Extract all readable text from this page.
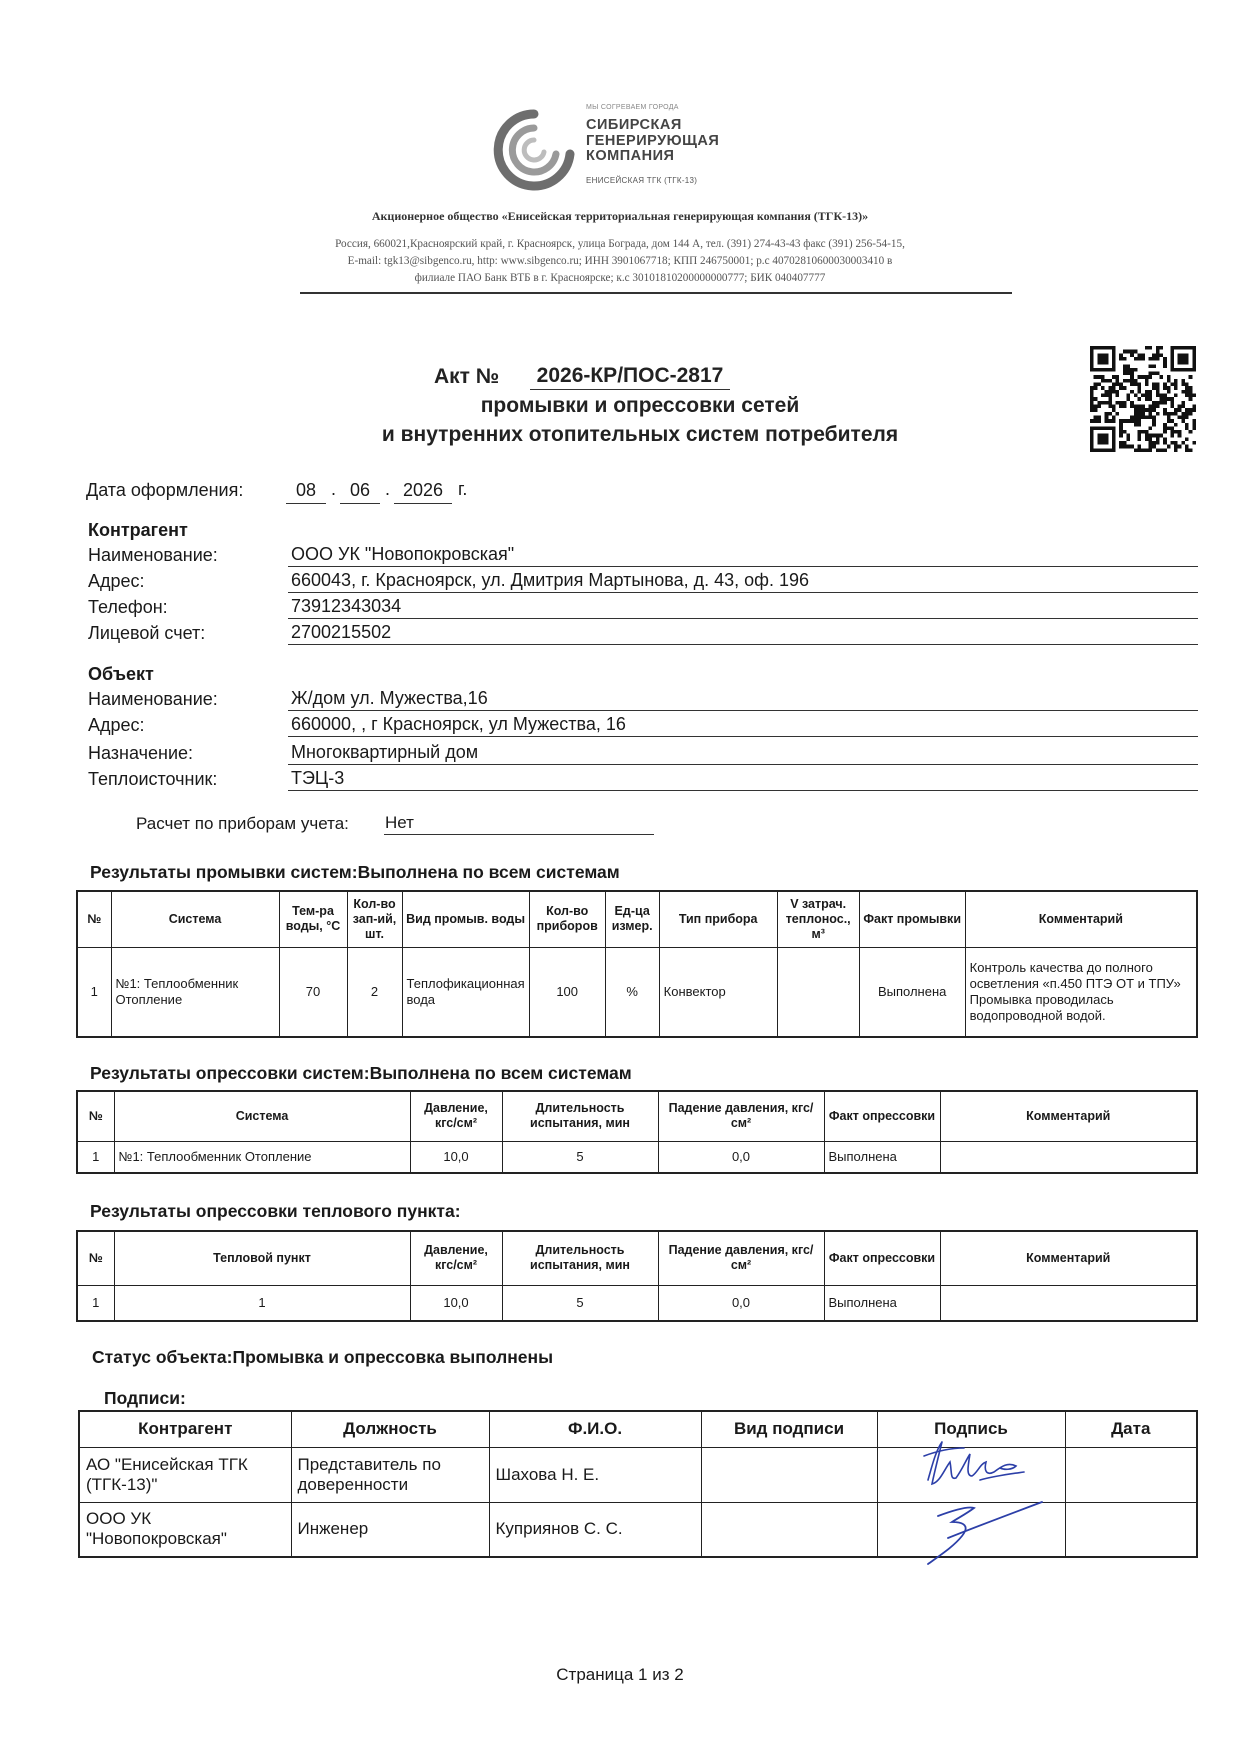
МЫ СОГРЕВАЕМ ГОРОДА
СИБИРСКАЯ
ГЕНЕРИРУЮЩАЯ
КОМПАНИЯ
ЕНИСЕЙСКАЯ ТГК (ТГК-13)
Акционерное общество «Енисейская территориальная генерирующая компания (ТГК-13)»
Россия, 660021,Красноярский край, г. Красноярск, улица Бограда, дом 144 А, тел. (391) 274-43-43 факс (391) 256-54-15,
E-mail: tgk13@sibgenco.ru, http: www.sibgenco.ru; ИНН 3901067718; КПП 246750001; р.с 40702810600030003410 в
филиале ПАО Банк ВТБ в г. Красноярске; к.с 30101810200000000777; БИК 040407777
Акт №	2026-КР/ПОС-2817
промывки и опрессовки сетей
и внутренних отопительных систем потребителя
Дата оформления:	08 . 06 . 2026 г.
Контрагент
Наименование:	ООО УК "Новопокровская"
Адрес:	660043, г. Красноярск, ул. Дмитрия Мартынова, д. 43, оф. 196
Телефон:	73912343034
Лицевой счет:	2700215502
Объект
Наименование:	Ж/дом ул. Мужества,16
Адрес:	660000, , г Красноярск, ул Мужества, 16
Назначение:	Многоквартирный дом
Теплоисточник:	ТЭЦ-3
Расчет по приборам учета: Нет
Результаты промывки систем:Выполнена по всем системам
№	Система	Тем-ра воды, °С	Кол-во зап-ий, шт.	Вид промыв. воды	Кол-во приборов	Ед-ца измер.	Тип прибора	V затрач. теплонос., м³	Факт промывки	Комментарий
1	№1: Теплообменник Отопление	70	2	Теплофикационная вода	100	%	Конвектор		Выполнена	Контроль качества до полного осветления «п.450 ПТЭ ОТ и ТПУ» Промывка проводилась водопроводной водой.
Результаты опрессовки систем:Выполнена по всем системам
№	Система	Давление, кгс/см²	Длительность испытания, мин	Падение давления, кгс/см²	Факт опрессовки	Комментарий
1	№1: Теплообменник Отопление	10,0	5	0,0	Выполнена	
Результаты опрессовки теплового пункта:
№	Тепловой пункт	Давление, кгс/см²	Длительность испытания, мин	Падение давления, кгс/см²	Факт опрессовки	Комментарий
1	1	10,0	5	0,0	Выполнена	
Статус объекта:Промывка и опрессовка выполнены
Подписи:
Контрагент	Должность	Ф.И.О.	Вид подписи	Подпись	Дата
АО "Енисейская ТГК (ТГК-13)"	Представитель по доверенности	Шахова Н. Е.			
ООО УК "Новопокровская"	Инженер	Куприянов С. С.			
Страница 1 из 2
